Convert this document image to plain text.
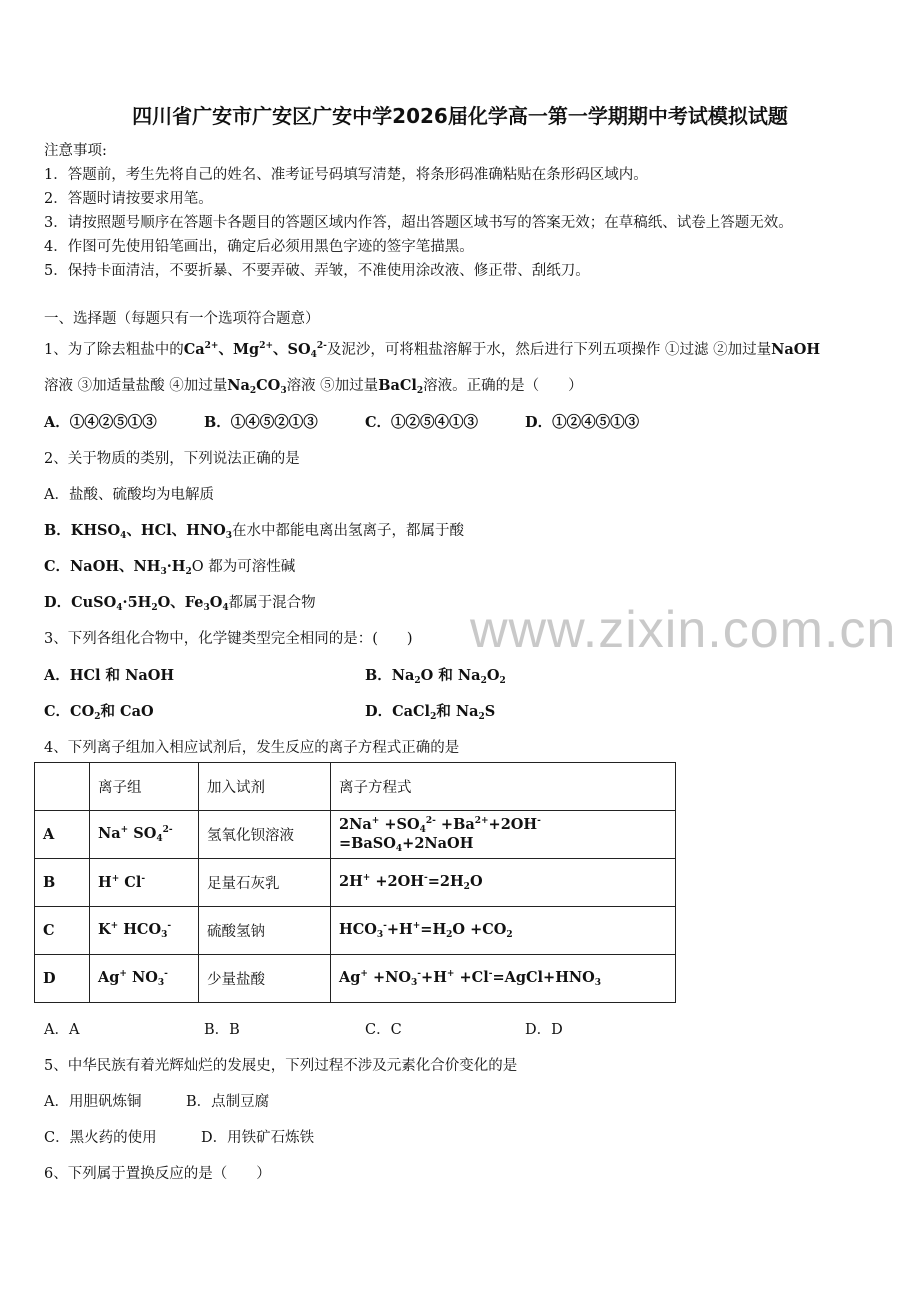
四川省广安市广安区广安中学2026届化学高一第一学期期中考试模拟试题
注意事项:
1．答题前，考生先将自己的姓名、准考证号码填写清楚，将条形码准确粘贴在条形码区域内。
2．答题时请按要求用笔。
3．请按照题号顺序在答题卡各题目的答题区域内作答，超出答题区域书写的答案无效；在草稿纸、试卷上答题无效。
4．作图可先使用铅笔画出，确定后必须用黑色字迹的签字笔描黑。
5．保持卡面清洁，不要折暴、不要弄破、弄皱，不准使用涂改液、修正带、刮纸刀。
一、选择题（每题只有一个选项符合题意）
1、为了除去粗盐中的$Ca^{2+}$、$Mg^{2+}$、$SO_4^{2-}$及泥沙，可将粗盐溶解于水，然后进行下列五项操作 ①过滤 ②加过量NaOH
溶液 ③加适量盐酸 ④加过量$Na_2CO_3$溶液 ⑤加过量BaCl$_2$溶液。正确的是（　　）
A．①④②⑤①③	B．①④⑤②①③	C．①②⑤④①③	D．①②④⑤①③
2、关于物质的类别，下列说法正确的是
A．盐酸、硫酸均为电解质
B．$KHSO_4$、HCl、$HNO_3$在水中都能电离出氢离子，都属于酸
C．NaOH、$NH_3\cdot H_2O$ 都为可溶性碱
D．$CuSO_4\cdot 5H_2O$、$Fe_3O_4$都属于混合物	www.zixin.com.cn
3、下列各组化合物中，化学键类型完全相同的是：(　　)
A．HCl 和 NaOH	B．$Na_2O$ 和 $Na_2O_2$
C．$CO_2$和 CaO	D．CaCl$_2$和 $Na_2S$
4、下列离子组加入相应试剂后，发生反应的离子方程式正确的是
	离子组	加入试剂	离子方程式
A	Na+ $SO_4^{2-}$	氢氧化钡溶液	$2Na^+ +SO_4^{2-}$ $+Ba^{2+}+2OH^-=BaSO_4+2NaOH$
B	H+ Cl-	足量石灰乳	$2H^+ +2OH^-=2H_2O$
C	K+ $HCO_3^-$	硫酸氢钠	$HCO_3^-+H^+=H_2O +CO_2$
D	Ag+ $NO_3^-$	少量盐酸	$Ag^+ +NO_3^-+H^+$ $+Cl^-=AgCl+HNO_3$
A．A	B．B	C．C	D．D
5、中华民族有着光辉灿烂的发展史，下列过程不涉及元素化合价变化的是
A．用胆矾炼铜	B．点制豆腐
C．黑火药的使用	D．用铁矿石炼铁
6、下列属于置换反应的是（　　）
